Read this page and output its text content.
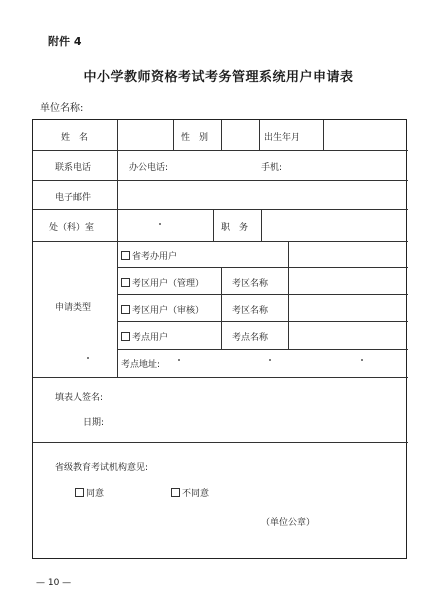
附件 4
中小学教师资格考试考务管理系统用户申请表
单位名称:
姓　名	性　别	出生年月
联系电话	办公电话:	手机:
电子邮件
处（科）室	职　务
申请类型
省考办用户
考区用户（管理）	考区名称
考区用户（审核）	考区名称
考点用户	考点名称
考点地址:
填表人签名:
日期:
省级教育考试机构意见:
同意	不同意
（单位公章）
— 10 —
